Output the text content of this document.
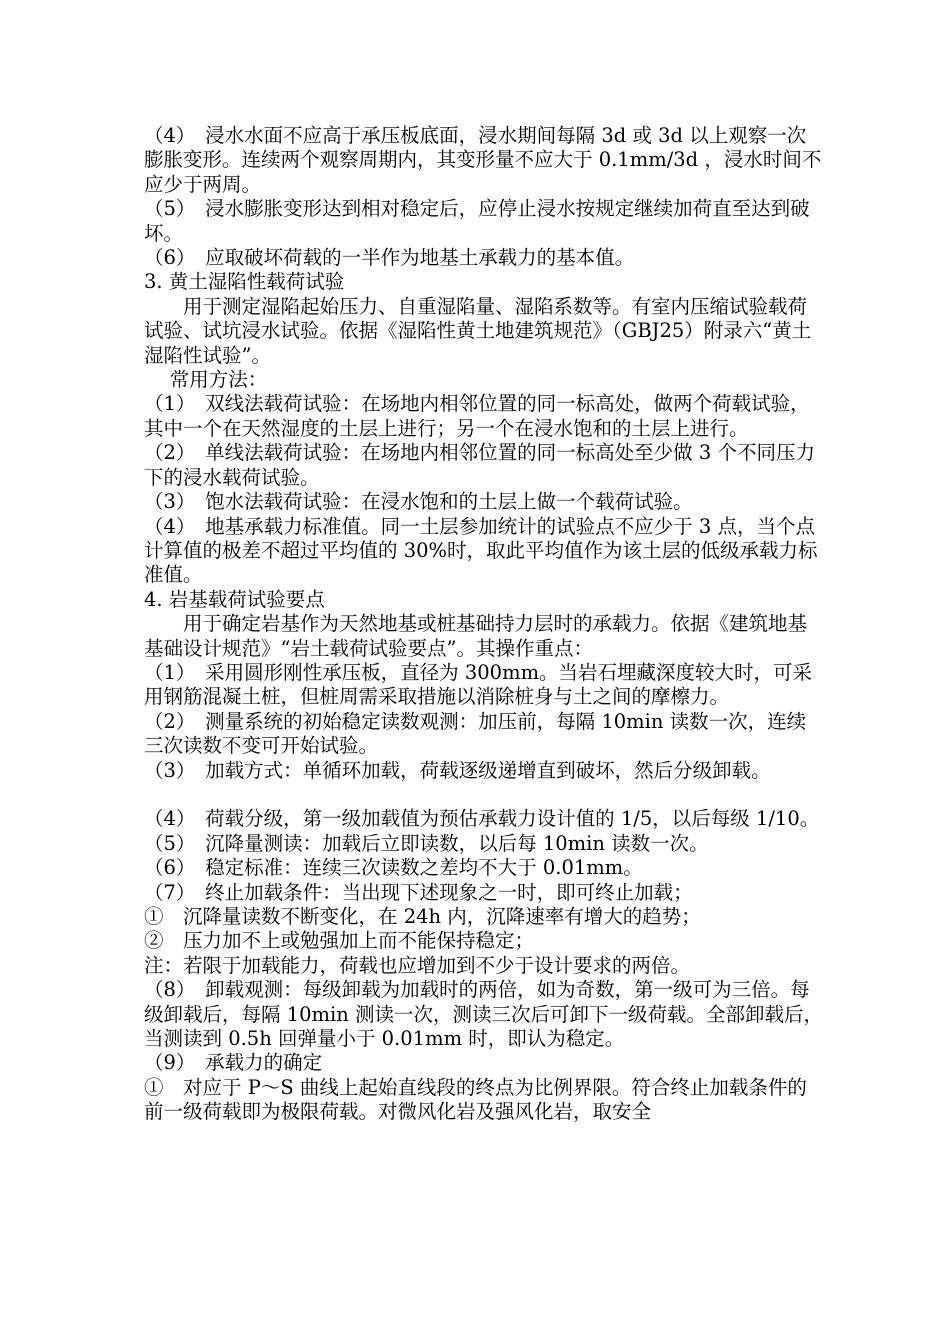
（4）　浸水水面不应高于承压板底面，浸水期间每隔 3d 或 3d 以上观察一次膨胀变形。连续两个观察周期内，其变形量不应大于 0.1mm/3d ，浸水时间不应少于两周。

（5）　浸水膨胀变形达到相对稳定后，应停止浸水按规定继续加荷直至达到破坏。

（6）　应取破坏荷载的一半作为地基土承载力的基本值。

3. 黄土湿陷性载荷试验

　　用于测定湿陷起始压力、自重湿陷量、湿陷系数等。有室内压缩试验载荷试验、试坑浸水试验。依据《湿陷性黄土地建筑规范》（GBJ25）附录六“黄土湿陷性试验”。

　 常用方法：

（1）　双线法载荷试验：在场地内相邻位置的同一标高处，做两个荷载试验，其中一个在天然湿度的土层上进行；另一个在浸水饱和的土层上进行。

（2）　单线法载荷试验：在场地内相邻位置的同一标高处至少做 3 个不同压力下的浸水载荷试验。

（3）　饱水法载荷试验：在浸水饱和的土层上做一个载荷试验。

（4）　地基承载力标准值。同一土层参加统计的试验点不应少于 3 点，当个点计算值的极差不超过平均值的 30%时，取此平均值作为该土层的低级承载力标准值。

4. 岩基载荷试验要点

　　用于确定岩基作为天然地基或桩基础持力层时的承载力。依据《建筑地基基础设计规范》“岩土载荷试验要点”。其操作重点：

（1）　采用圆形刚性承压板，直径为 300mm。当岩石埋藏深度较大时，可采用钢筋混凝土桩，但桩周需采取措施以消除桩身与土之间的摩檫力。

（2）　测量系统的初始稳定读数观测：加压前，每隔 10min 读数一次，连续三次读数不变可开始试验。

（3）　加载方式：单循环加载，荷载逐级递增直到破坏，然后分级卸载。

（4）　荷载分级，第一级加载值为预估承载力设计值的 1/5，以后每级 1/10。

（5）　沉降量测读：加载后立即读数，以后每 10min 读数一次。

（6）　稳定标准：连续三次读数之差均不大于 0.01mm。

（7）　终止加载条件：当出现下述现象之一时，即可终止加载；

①　沉降量读数不断变化，在 24h 内，沉降速率有增大的趋势；

②　压力加不上或勉强加上而不能保持稳定；

注：若限于加载能力，荷载也应增加到不少于设计要求的两倍。

（8）　卸载观测：每级卸载为加载时的两倍，如为奇数，第一级可为三倍。每级卸载后，每隔 10min 测读一次，测读三次后可卸下一级荷载。全部卸载后，当测读到 0.5h 回弹量小于 0.01mm 时，即认为稳定。

（9）　承载力的确定

①　对应于 P～S 曲线上起始直线段的终点为比例界限。符合终止加载条件的前一级荷载即为极限荷载。对微风化岩及强风化岩，取安全
